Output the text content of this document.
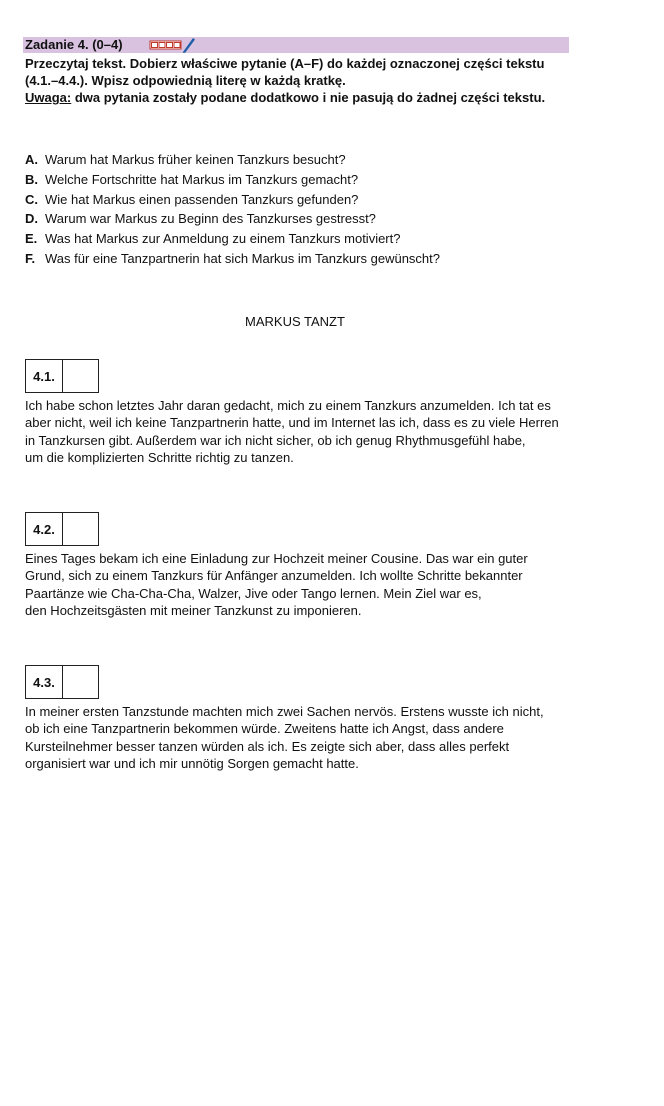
Zadanie 4. (0–4)

Przeczytaj tekst. Dobierz właściwe pytanie (A–F) do każdej oznaczonej części tekstu

(4.1.–4.4.). Wpisz odpowiednią literę w każdą kratkę.

Uwaga: dwa pytania zostały podane dodatkowo i nie pasują do żadnej części tekstu.

A. Warum hat Markus früher keinen Tanzkurs besucht?
B. Welche Fortschritte hat Markus im Tanzkurs gemacht?
C. Wie hat Markus einen passenden Tanzkurs gefunden?
D. Warum war Markus zu Beginn des Tanzkurses gestresst?
E. Was hat Markus zur Anmeldung zu einem Tanzkurs motiviert?
F. Was für eine Tanzpartnerin hat sich Markus im Tanzkurs gewünscht?
MARKUS TANZT
4.1.

Ich habe schon letztes Jahr daran gedacht, mich zu einem Tanzkurs anzumelden. Ich tat es
aber nicht, weil ich keine Tanzpartnerin hatte, und im Internet las ich, dass es zu viele Herren
in Tanzkursen gibt. Außerdem war ich nicht sicher, ob ich genug Rhythmusgefühl habe,
um die komplizierten Schritte richtig zu tanzen.

4.2.

Eines Tages bekam ich eine Einladung zur Hochzeit meiner Cousine. Das war ein guter
Grund, sich zu einem Tanzkurs für Anfänger anzumelden. Ich wollte Schritte bekannter
Paartänze wie Cha-Cha-Cha, Walzer, Jive oder Tango lernen. Mein Ziel war es,
den Hochzeitsgästen mit meiner Tanzkunst zu imponieren.

4.3.

In meiner ersten Tanzstunde machten mich zwei Sachen nervös. Erstens wusste ich nicht,
ob ich eine Tanzpartnerin bekommen würde. Zweitens hatte ich Angst, dass andere
Kursteilnehmer besser tanzen würden als ich. Es zeigte sich aber, dass alles perfekt
organisiert war und ich mir unnötig Sorgen gemacht hatte.
